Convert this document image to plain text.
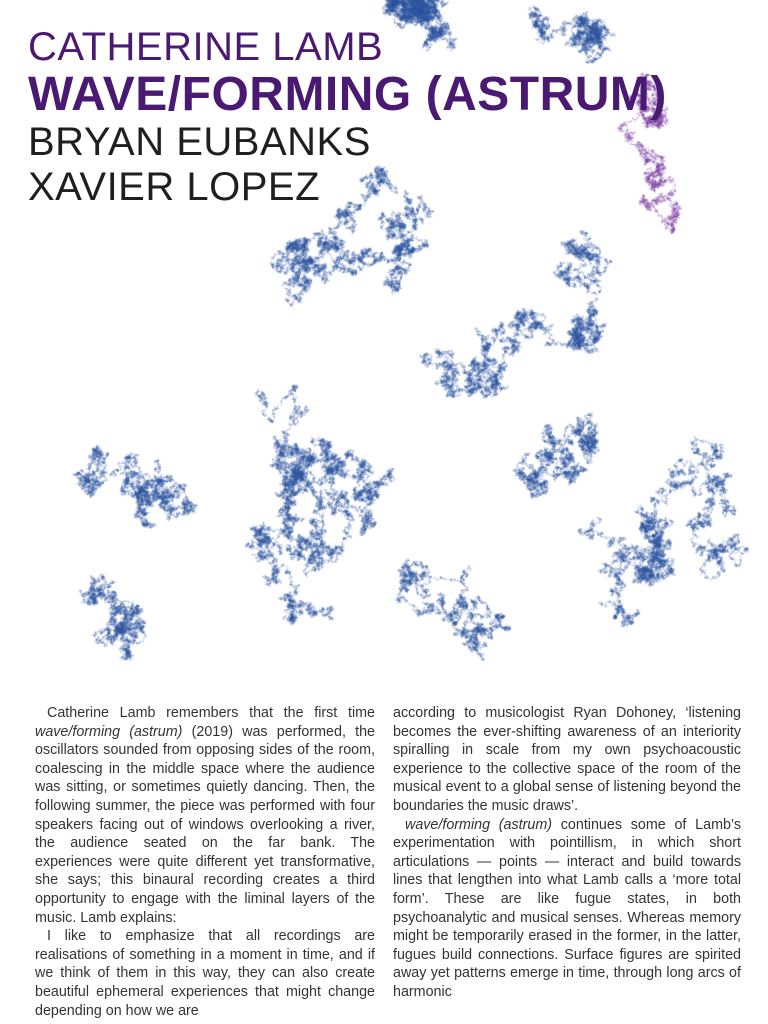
CATHERINE LAMB
WAVE/FORMING (ASTRUM)
BRYAN EUBANKS
XAVIER LOPEZ

Catherine Lamb remembers that the first time wave/forming (astrum) (2019) was performed, the oscillators sounded from opposing sides of the room, coalescing in the middle space where the audience was sitting, or sometimes quietly dancing. Then, the following summer, the piece was performed with four speakers facing out of windows overlooking a river, the audience seated on the far bank. The experiences were quite different yet transformative, she says; this binaural recording creates a third opportunity to engage with the liminal layers of the music. Lamb explains:

I like to emphasize that all recordings are realisations of something in a moment in time, and if we think of them in this way, they can also create beautiful ephemeral experiences that might change depending on how we are

according to musicologist Ryan Dohoney, ‘listening becomes the ever-shifting awareness of an interiority spiralling in scale from my own psychoacoustic experience to the collective space of the room of the musical event to a global sense of listening beyond the boundaries the music draws’.

wave/forming (astrum) continues some of Lamb’s experimentation with pointillism, in which short articulations — points — interact and build towards lines that lengthen into what Lamb calls a ‘more total form’. These are like fugue states, in both psychoanalytic and musical senses. Whereas memory might be temporarily erased in the former, in the latter, fugues build connections. Surface figures are spirited away yet patterns emerge in time, through long arcs of harmonic
